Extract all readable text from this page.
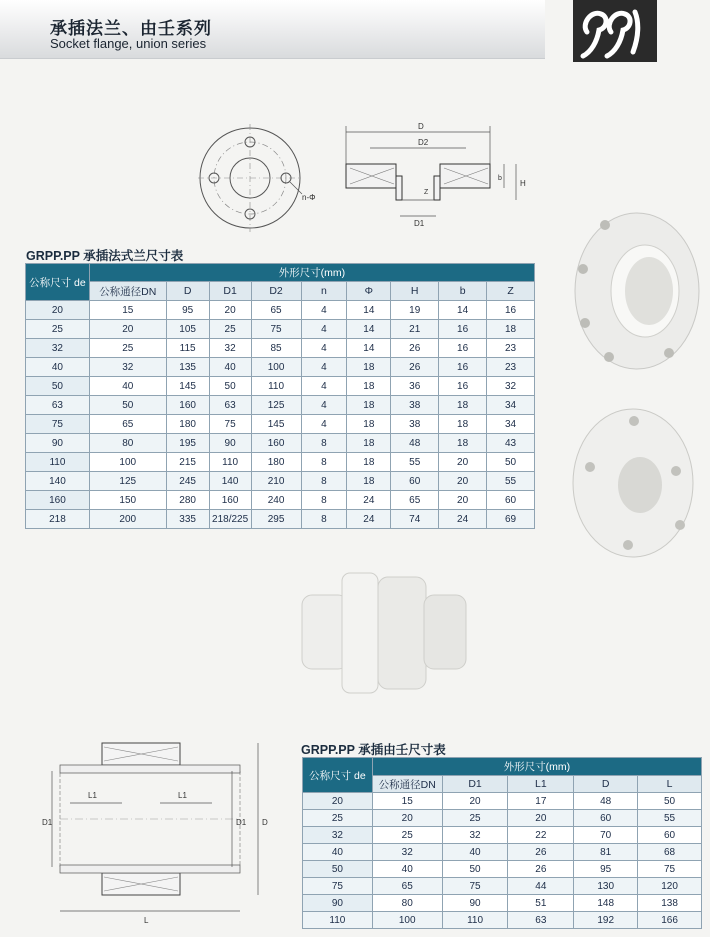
承插法兰、由壬系列
Socket flange, union series
n-Φ
D
D2
D1
b
H
Z
GRPP.PP 承插法式兰尺寸表
公称尺寸 de	外形尺寸(mm)								
	公称通径DN	D	D1	D2	n	Φ	H	b	Z
20	15	95	20	65	4	14	19	14	16
25	20	105	25	75	4	14	21	16	18
32	25	115	32	85	4	14	26	16	23
40	32	135	40	100	4	18	26	16	23
50	40	145	50	110	4	18	36	16	32
63	50	160	63	125	4	18	38	18	34
75	65	180	75	145	4	18	38	18	34
90	80	195	90	160	8	18	48	18	43
110	100	215	110	180	8	18	55	20	50
140	125	245	140	210	8	18	60	20	55
160	150	280	160	240	8	24	65	20	60
218	200	335	218/225	295	8	24	74	24	69
L1	L1
D1	D1 D
L
GRPP.PP 承插由壬尺寸表
公称尺寸 de	外形尺寸(mm)				
	公称通径DN	D1	L1	D	L
20	15	20	17	48	50
25	20	25	20	60	55
32	25	32	22	70	60
40	32	40	26	81	68
50	40	50	26	95	75
75	65	75	44	130	120
90	80	90	51	148	138
110	100	110	63	192	166
